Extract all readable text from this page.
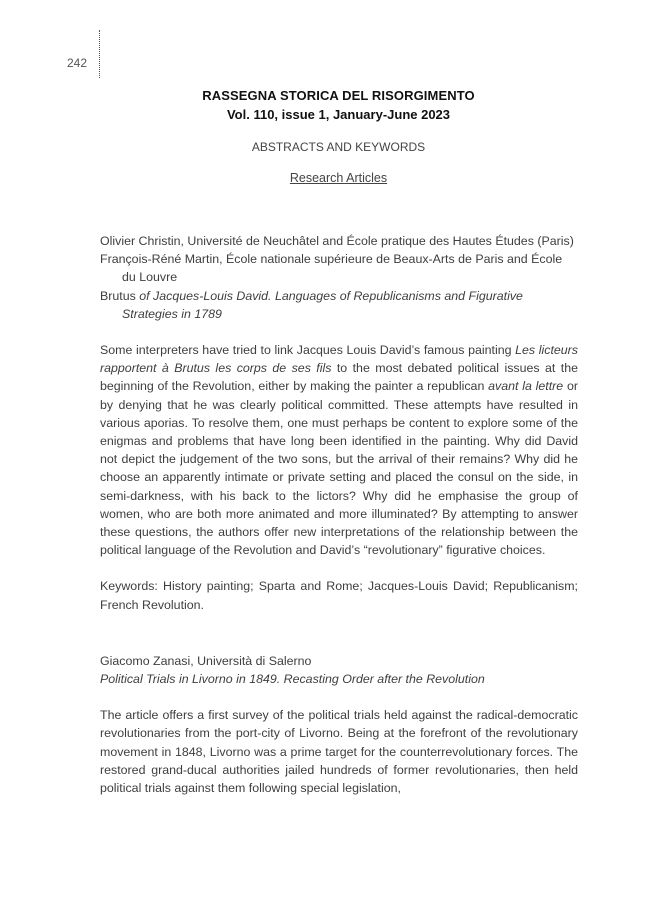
242
RASSEGNA STORICA DEL RISORGIMENTO
Vol. 110, issue 1, January-June 2023
ABSTRACTS AND KEYWORDS
Research Articles

Olivier Christin, Université de Neuchâtel and École pratique des Hautes Études (Paris)

François-Réné Martin, École nationale supérieure de Beaux-Arts de Paris and École du Louvre

Brutus of Jacques-Louis David. Languages of Republicanisms and Figurative Strategies in 1789

Some interpreters have tried to link Jacques Louis David’s famous painting Les licteurs rapportent à Brutus les corps de ses fils to the most debated political issues at the beginning of the Revolution, either by making the painter a republican avant la lettre or by denying that he was clearly political committed. These attempts have resulted in various aporias. To resolve them, one must perhaps be content to explore some of the enigmas and problems that have long been identified in the painting. Why did David not depict the judgement of the two sons, but the arrival of their remains? Why did he choose an apparently intimate or private setting and placed the consul on the side, in semi-darkness, with his back to the lictors? Why did he emphasise the group of women, who are both more animated and more illuminated? By attempting to answer these questions, the authors offer new interpretations of the relationship between the political language of the Revolution and David’s “revolutionary” figurative choices.

Keywords: History painting; Sparta and Rome; Jacques-Louis David; Republicanism; French Revolution.

Giacomo Zanasi, Università di Salerno

Political Trials in Livorno in 1849. Recasting Order after the Revolution

The article offers a first survey of the political trials held against the radical-democratic revolutionaries from the port-city of Livorno. Being at the forefront of the revolutionary movement in 1848, Livorno was a prime target for the counterrevolutionary forces. The restored grand-ducal authorities jailed hundreds of former revolutionaries, then held political trials against them following special legislation,
